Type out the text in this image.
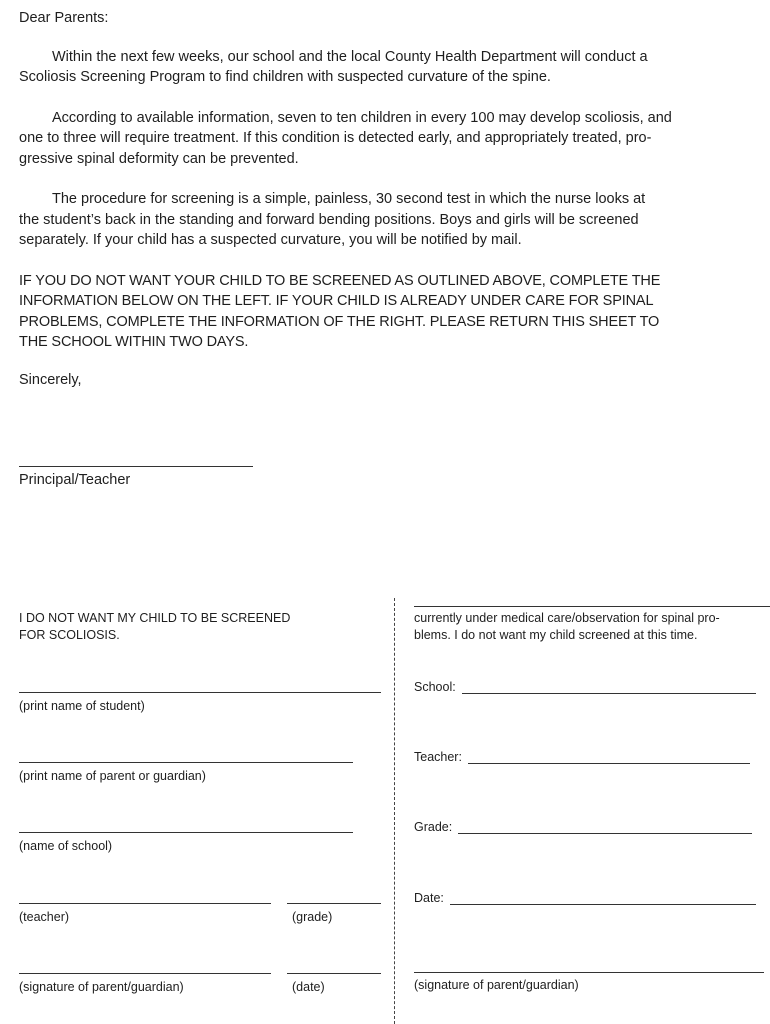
Dear Parents:

Within the next few weeks, our school and the local County Health Department will conduct a
Scoliosis Screening Program to find children with suspected curvature of the spine.

According to available information, seven to ten children in every 100 may develop scoliosis, and
one to three will require treatment. If this condition is detected early, and appropriately treated, pro-
gressive spinal deformity can be prevented.

The procedure for screening is a simple, painless, 30 second test in which the nurse looks at
the student’s back in the standing and forward bending positions. Boys and girls will be screened
separately. If your child has a suspected curvature, you will be notified by mail.

IF YOU DO NOT WANT YOUR CHILD TO BE SCREENED AS OUTLINED ABOVE, COMPLETE THE
INFORMATION BELOW ON THE LEFT. IF YOUR CHILD IS ALREADY UNDER CARE FOR SPINAL
PROBLEMS, COMPLETE THE INFORMATION OF THE RIGHT. PLEASE RETURN THIS SHEET TO
THE SCHOOL WITHIN TWO DAYS.

Sincerely,
Principal/Teacher

I DO NOT WANT MY CHILD TO BE SCREENED
FOR SCOLIOSIS.

(print name of student)
(print name of parent or guardian)
(name of school)
(teacher)	(grade)
(signature of parent/guardian)	(date)

currently under medical care/observation for spinal pro-
blems. I do not want my child screened at this time.

School:
Teacher:
Grade:
Date:
(signature of parent/guardian)
